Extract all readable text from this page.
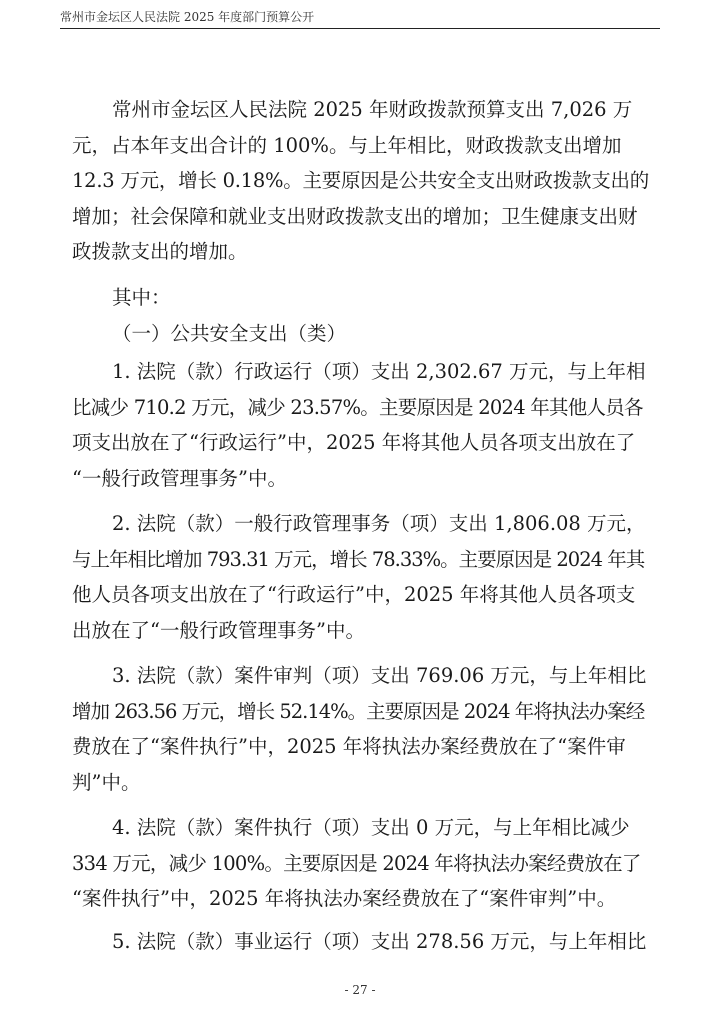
常州市金坛区人民法院 2025 年度部门预算公开
常州市金坛区人民法院 2025 年财政拨款预算支出 7,026 万
元，占本年支出合计的 100%。与上年相比，财政拨款支出增加
12.3 万元，增长 0.18%。主要原因是公共安全支出财政拨款支出的
增加；社会保障和就业支出财政拨款支出的增加；卫生健康支出财
政拨款支出的增加。
其中：
（一）公共安全支出（类）
1. 法院（款）行政运行（项）支出 2,302.67 万元，与上年相
比减少 710.2 万元，减少 23.57%。主要原因是 2024 年其他人员各
项支出放在了“行政运行”中，2025 年将其他人员各项支出放在了
“一般行政管理事务”中。
2. 法院（款）一般行政管理事务（项）支出 1,806.08 万元，
与上年相比增加 793.31 万元，增长 78.33%。主要原因是 2024 年其
他人员各项支出放在了“行政运行”中，2025 年将其他人员各项支
出放在了“一般行政管理事务”中。
3. 法院（款）案件审判（项）支出 769.06 万元，与上年相比
增加 263.56 万元，增长 52.14%。主要原因是 2024 年将执法办案经
费放在了“案件执行”中，2025 年将执法办案经费放在了“案件审
判”中。
4. 法院（款）案件执行（项）支出 0 万元，与上年相比减少
334 万元，减少 100%。主要原因是 2024 年将执法办案经费放在了
“案件执行”中，2025 年将执法办案经费放在了“案件审判”中。
5. 法院（款）事业运行（项）支出 278.56 万元，与上年相比
- 27 -
